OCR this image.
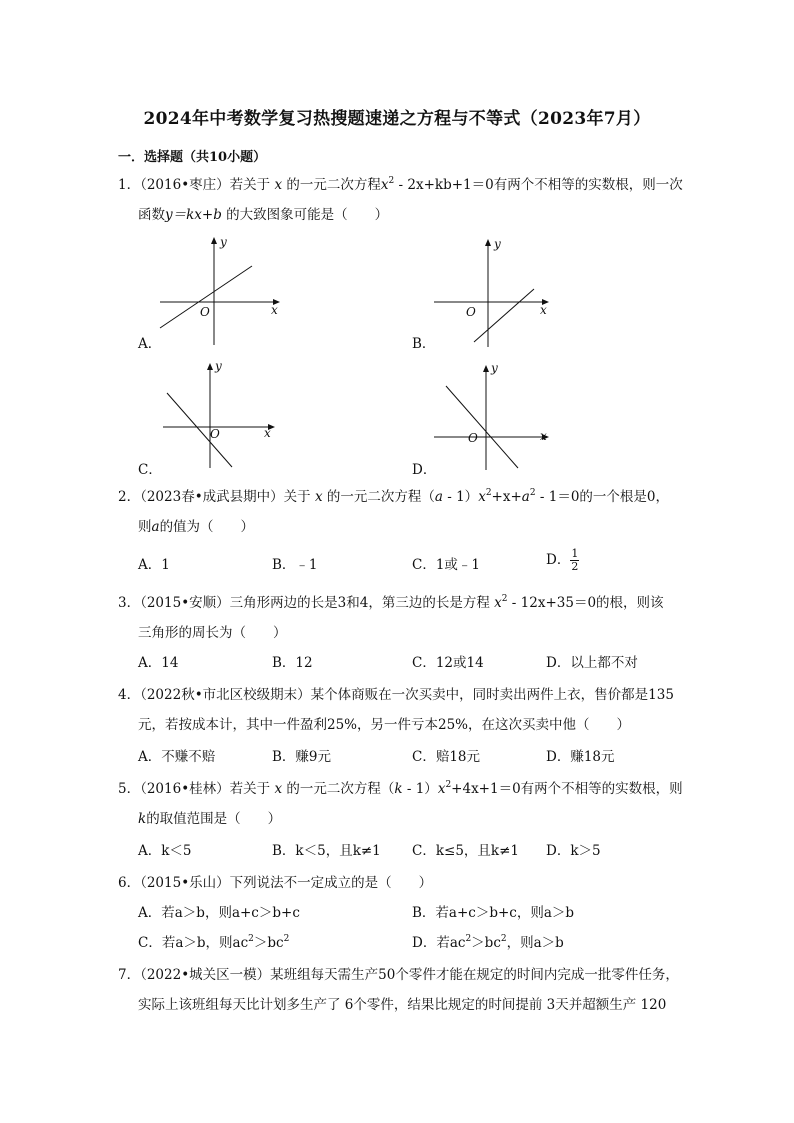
2024年中考数学复习热搜题速递之方程与不等式（2023年7月）
一．选择题（共10小题）
1．（2016•枣庄）若关于 x 的一元二次方程$x^2$ ‑ 2x+kb+1＝0有两个不相等的实数根，则一次
函数y＝kx+b 的大致图象可能是（　　）
y
x
O
A．
y
x
O
B．
y
x
O
C．
y
x
O
D．
2．（2023春•成武县期中）关于 x 的一元二次方程（a ‑ $1)x^2+x+a^2$ ‑ 1＝0的一个根是0，
则a的值为（　　）
A．1	B．﹣1	C．1或﹣1	D． $\frac{1}{2}$
3．（2015•安顺）三角形两边的长是3和4，第三边的长是方程 $x^2$ ‑ 12x+35＝0的根，则该
三角形的周长为（　　）
A．14	B．12	C．12或14	D．以上都不对
4．（2022秋•市北区校级期末）某个体商贩在一次买卖中，同时卖出两件上衣，售价都是135
元，若按成本计，其中一件盈利25%，另一件亏本25%，在这次买卖中他（　　）
A．不赚不赔	B．赚9元	C．赔18元	D．赚18元
5．（2016•桂林）若关于 x 的一元二次方程（k ‑ $1)x^2+4x+1=0$有两个不相等的实数根，则
k的取值范围是（　　）
A．k＜5	B．k＜5，且k≠1 C．k≤5，且k≠1 D．k＞5
6．（2015•乐山）下列说法不一定成立的是（　　）
A．若a＞b，则a+c＞b+c	B．若a+c＞b+c，则a＞b
C．若a＞b，则$ac^2>bc^2$	D．若$ac^2>bc^2$，则a＞b
7．（2022•城关区一模）某班组每天需生产50个零件才能在规定的时间内完成一批零件任务，
实际上该班组每天比计划多生产了 6个零件，结果比规定的时间提前 3天并超额生产 120
